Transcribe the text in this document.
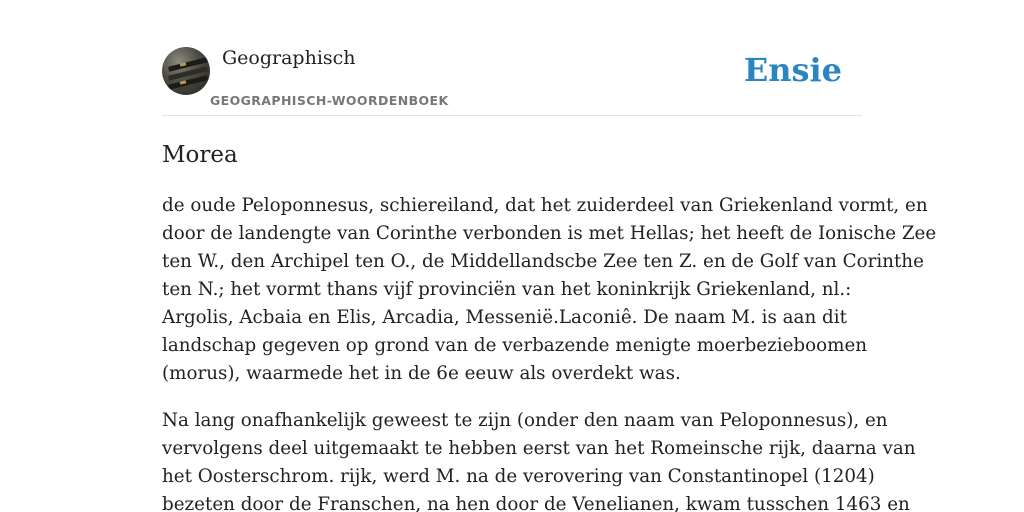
Geographisch
GEOGRAPHISCH-WOORDENBOEK
Ensie
Morea

de oude Peloponnesus, schiereiland, dat het zuiderdeel van Griekenland vormt, en
door de landengte van Corinthe verbonden is met Hellas; het heeft de Ionische Zee
ten W., den Archipel ten O., de Middellandscbe Zee ten Z. en de Golf van Corinthe
ten N.; het vormt thans vijf provinciën van het koninkrijk Griekenland, nl.:
Argolis, Acbaia en Elis, Arcadia, Messenië.Laconiê. De naam M. is aan dit
landschap gegeven op grond van de verbazende menigte moerbezieboomen
(morus), waarmede het in de 6e eeuw als overdekt was.

Na lang onafhankelijk geweest te zijn (onder den naam van Peloponnesus), en
vervolgens deel uitgemaakt te hebben eerst van het Romeinsche rijk, daarna van
het Oosterschrom. rijk, werd M. na de verovering van Constantinopel (1204)
bezeten door de Franschen, na hen door de Venelianen, kwam tusschen 1463 en
